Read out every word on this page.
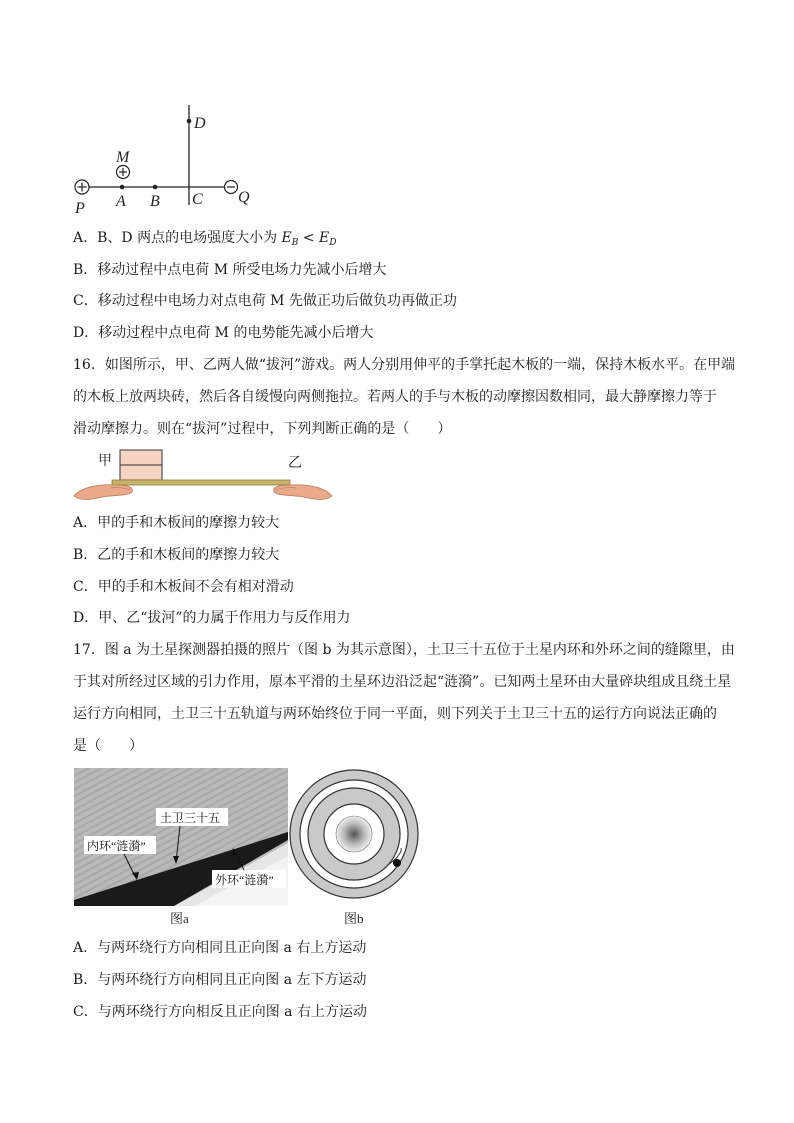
D
P
M
A B C Q
A．B、D 两点的电场强度大小为 $E_B < E_D$
B．移动过程中点电荷 M 所受电场力先减小后增大
C．移动过程中电场力对点电荷 M 先做正功后做负功再做正功
D．移动过程中点电荷 M 的电势能先减小后增大
16．如图所示，甲、乙两人做“拔河”游戏。两人分别用伸平的手掌托起木板的一端，保持木板水平。在甲端
的木板上放两块砖，然后各自缓慢向两侧拖拉。若两人的手与木板的动摩擦因数相同，最大静摩擦力等于
滑动摩擦力。则在“拔河”过程中，下列判断正确的是（　　）
甲	乙
A．甲的手和木板间的摩擦力较大
B．乙的手和木板间的摩擦力较大
C．甲的手和木板间不会有相对滑动
D．甲、乙“拔河”的力属于作用力与反作用力
17．图 a 为土星探测器拍摄的照片（图 b 为其示意图），土卫三十五位于土星内环和外环之间的缝隙里，由
于其对所经过区域的引力作用，原本平滑的土星环边沿泛起“涟漪”。已知两土星环由大量碎块组成且绕土星
运行方向相同，土卫三十五轨道与两环始终位于同一平面，则下列关于土卫三十五的运行方向说法正确的
是（　　）
土卫三十五
内环“涟漪”
外环“涟漪”
图a	图b
A．与两环绕行方向相同且正向图 a 右上方运动
B．与两环绕行方向相同且正向图 a 左下方运动
C．与两环绕行方向相反且正向图 a 右上方运动
